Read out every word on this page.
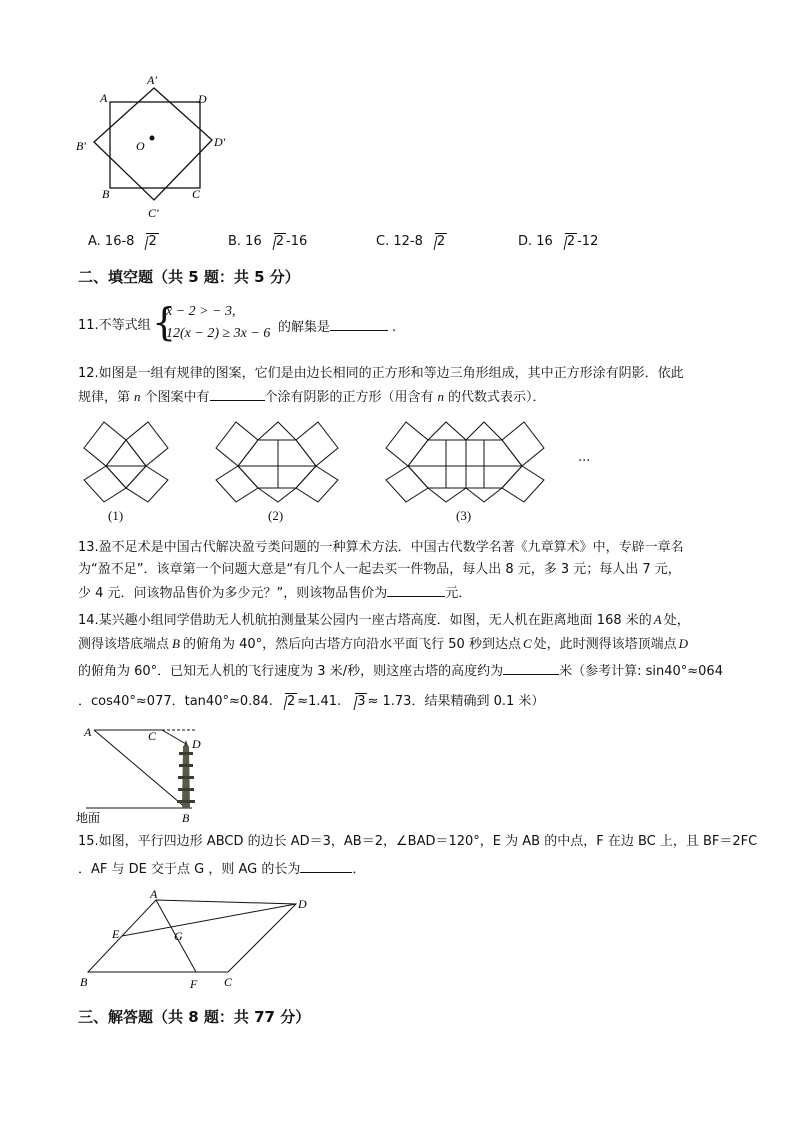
A
A′
D
B′	O	D′
B	C
C′
A. 16-8 2	B. 16 2 -16	C. 12-8 2	D. 16 2 -12
二、填空题（共 5 题：共 5 分）
11.不等式组 {
x − 2 > − 3,
12(x − 2) ≥ 3x − 6 的解集是	.
12.如图是一组有规律的图案，它们是由边长相同的正方形和等边三角形组成，其中正方形涂有阴影．依此
规律，第 n 个图案中有	个涂有阴影的正方形（用含有 n 的代数式表示）．
(1)	(2)	(3)
...
13.盈不足术是中国古代解决盈亏类问题的一种算术方法．中国古代数学名著《九章算术》中，专辟一章名
为“盈不足”．该章第一个问题大意是“有几个人一起去买一件物品，每人出 8 元，多 3 元；每人出 7 元，
少 4 元．问该物品售价为多少元？”，则该物品售价为	元．
14.某兴趣小组同学借助无人机航拍测量某公园内一座古塔高度．如图，无人机在距离地面 168 米的 A 处，
测得该塔底端点 B 的俯角为 40°，然后向古塔方向沿水平面飞行 50 秒到达点 C 处，此时测得该塔顶端点 D
的俯角为 60°．已知无人机的飞行速度为 3 米/秒，则这座古塔的高度约为	米（参考计算: sin40°≈064
．cos40°≈077．tan40°≈0.84. 2 ≈1.41. 3 ≈ 1.73．结果精确到 0.1 米）
A	C
D
B
地面
15.如图，平行四边形 ABCD 的边长 AD＝3，AB＝2，∠BAD＝120°，E 为 AB 的中点，F 在边 BC 上，且 BF＝2FC
．AF 与 DE 交于点 G ，则 AG 的长为	．
A
D
E	G
B	F C
三、解答题（共 8 题：共 77 分）
